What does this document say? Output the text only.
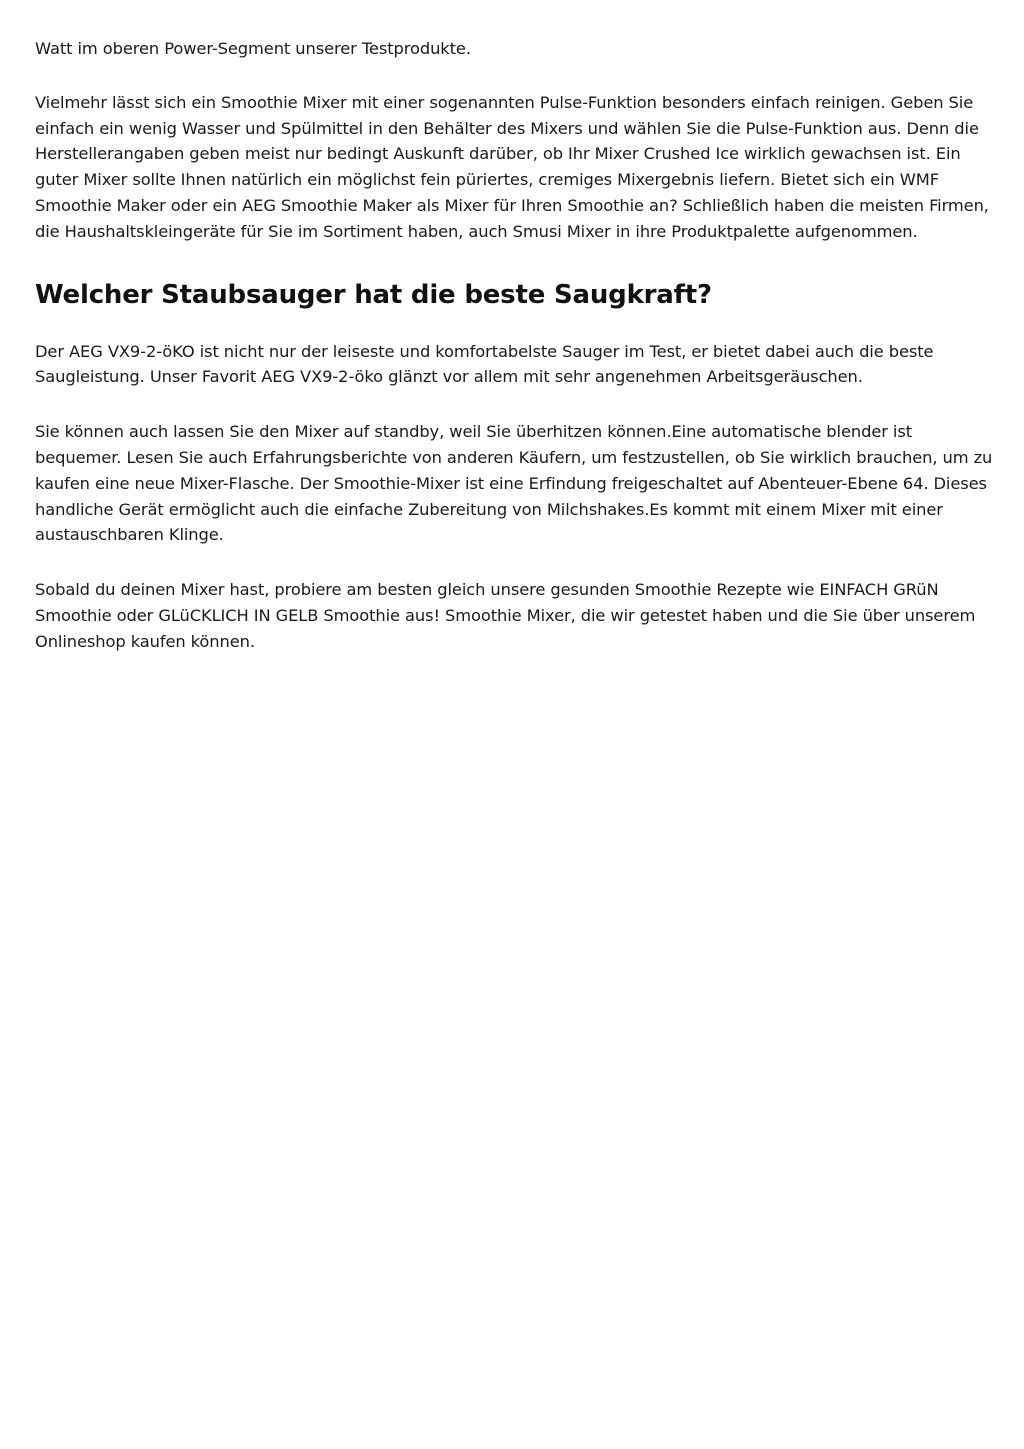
Watt im oberen Power-Segment unserer Testprodukte.

Vielmehr lässt sich ein Smoothie Mixer mit einer sogenannten Pulse-Funktion besonders einfach reinigen. Geben Sie einfach ein wenig Wasser und Spülmittel in den Behälter des Mixers und wählen Sie die Pulse-Funktion aus. Denn die Herstellerangaben geben meist nur bedingt Auskunft darüber, ob Ihr Mixer Crushed Ice wirklich gewachsen ist. Ein guter Mixer sollte Ihnen natürlich ein möglichst fein püriertes, cremiges Mixergebnis liefern. Bietet sich ein WMF Smoothie Maker oder ein AEG Smoothie Maker als Mixer für Ihren Smoothie an? Schließlich haben die meisten Firmen, die Haushaltskleingeräte für Sie im Sortiment haben, auch Smusi Mixer in ihre Produktpalette aufgenommen.

Welcher Staubsauger hat die beste Saugkraft?

Der AEG VX9-2-öKO ist nicht nur der leiseste und komfortabelste Sauger im Test, er bietet dabei auch die beste Saugleistung. Unser Favorit AEG VX9-2-öko glänzt vor allem mit sehr angenehmen Arbeitsgeräuschen.

Sie können auch lassen Sie den Mixer auf standby, weil Sie überhitzen können.Eine automatische blender ist bequemer. Lesen Sie auch Erfahrungsberichte von anderen Käufern, um festzustellen, ob Sie wirklich brauchen, um zu kaufen eine neue Mixer-Flasche. Der Smoothie-Mixer ist eine Erfindung freigeschaltet auf Abenteuer-Ebene 64. Dieses handliche Gerät ermöglicht auch die einfache Zubereitung von Milchshakes.Es kommt mit einem Mixer mit einer austauschbaren Klinge.

Sobald du deinen Mixer hast, probiere am besten gleich unsere gesunden Smoothie Rezepte wie EINFACH GRüN Smoothie oder GLüCKLICH IN GELB Smoothie aus! Smoothie Mixer, die wir getestet haben und die Sie über unserem Onlineshop kaufen können.
